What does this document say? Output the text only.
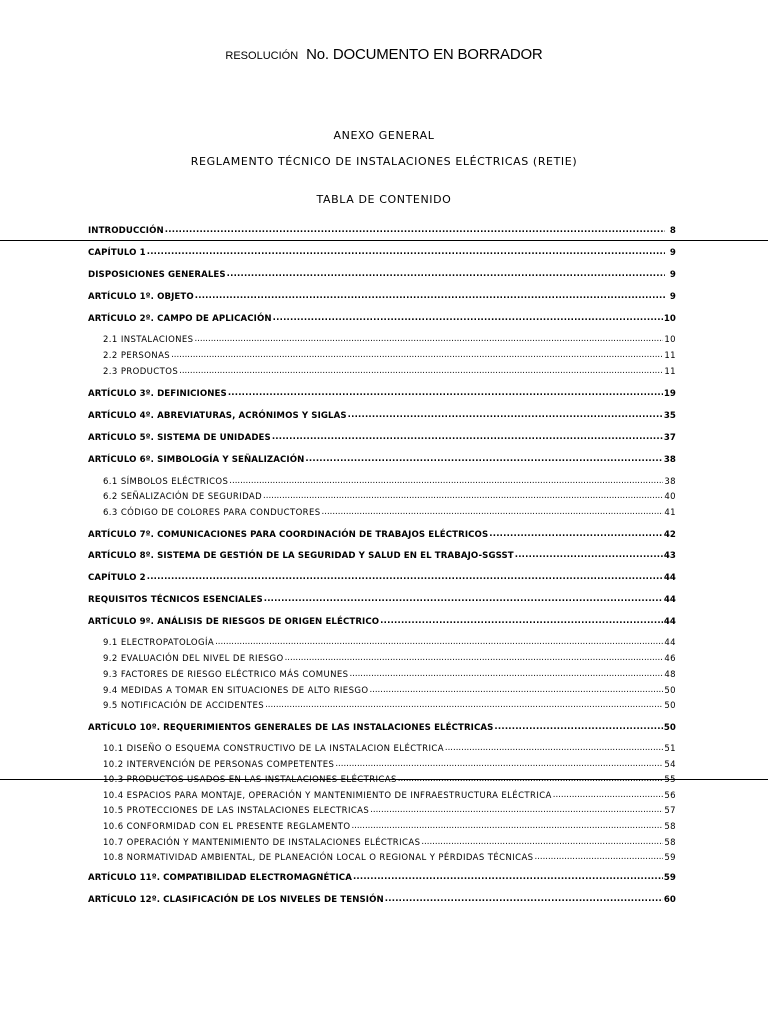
RESOLUCIÓN No. DOCUMENTO EN BORRADOR
ANEXO GENERAL
REGLAMENTO TÉCNICO DE INSTALACIONES ELÉCTRICAS (RETIE)
TABLA DE CONTENIDO
INTRODUCCIÓN .....	8
CAPÍTULO 1 .....	9
DISPOSICIONES GENERALES .....	9
ARTÍCULO 1º. OBJETO .....	9
ARTÍCULO 2º. CAMPO DE APLICACIÓN .....	10
2.1 INSTALACIONES .....	10
2.2 PERSONAS .....	11
2.3 PRODUCTOS .....	11
ARTÍCULO 3º. DEFINICIONES .....	19
ARTÍCULO 4º. ABREVIATURAS, ACRÓNIMOS Y SIGLAS .....	35
ARTÍCULO 5º. SISTEMA DE UNIDADES .....	37
ARTÍCULO 6º. SIMBOLOGÍA Y SEÑALIZACIÓN .....	38
6.1 SÍMBOLOS ELÉCTRICOS .....	38
6.2 SEÑALIZACIÓN DE SEGURIDAD .....	40
6.3 CÓDIGO DE COLORES PARA CONDUCTORES .....	41
ARTÍCULO 7º. COMUNICACIONES PARA COORDINACIÓN DE TRABAJOS ELÉCTRICOS .....	42
ARTÍCULO 8º. SISTEMA DE GESTIÓN DE LA SEGURIDAD Y SALUD EN EL TRABAJO-SGSST .....	43
CAPÍTULO 2 .....	44
REQUISITOS TÉCNICOS ESENCIALES .....	44
ARTÍCULO 9º. ANÁLISIS DE RIESGOS DE ORIGEN ELÉCTRICO .....	44
9.1 ELECTROPATOLOGÍA .....	44
9.2 EVALUACIÓN DEL NIVEL DE RIESGO .....	46
9.3 FACTORES DE RIESGO ELÉCTRICO MÁS COMUNES .....	48
9.4 MEDIDAS A TOMAR EN SITUACIONES DE ALTO RIESGO .....	50
9.5 NOTIFICACIÓN DE ACCIDENTES .....	50
ARTÍCULO 10º. REQUERIMIENTOS GENERALES DE LAS INSTALACIONES ELÉCTRICAS .....	50
10.1 DISEÑO O ESQUEMA CONSTRUCTIVO DE LA INSTALACION ELÉCTRICA .....	51
10.2 INTERVENCIÓN DE PERSONAS COMPETENTES .....	54
10.3 PRODUCTOS USADOS EN LAS INSTALACIONES ELÉCTRICAS .....	55
10.4 ESPACIOS PARA MONTAJE, OPERACIÓN Y MANTENIMIENTO DE INFRAESTRUCTURA ELÉCTRICA .....	56
10.5 PROTECCIONES DE LAS INSTALACIONES ELECTRICAS .....	57
10.6 CONFORMIDAD CON EL PRESENTE REGLAMENTO .....	58
10.7 OPERACIÓN Y MANTENIMIENTO DE INSTALACIONES ELÉCTRICAS .....	58
10.8 NORMATIVIDAD AMBIENTAL, DE PLANEACIÓN LOCAL O REGIONAL Y PÉRDIDAS TÉCNICAS .....	59
ARTÍCULO 11º. COMPATIBILIDAD ELECTROMAGNÉTICA .....	59
ARTÍCULO 12º. CLASIFICACIÓN DE LOS NIVELES DE TENSIÓN .....	60
